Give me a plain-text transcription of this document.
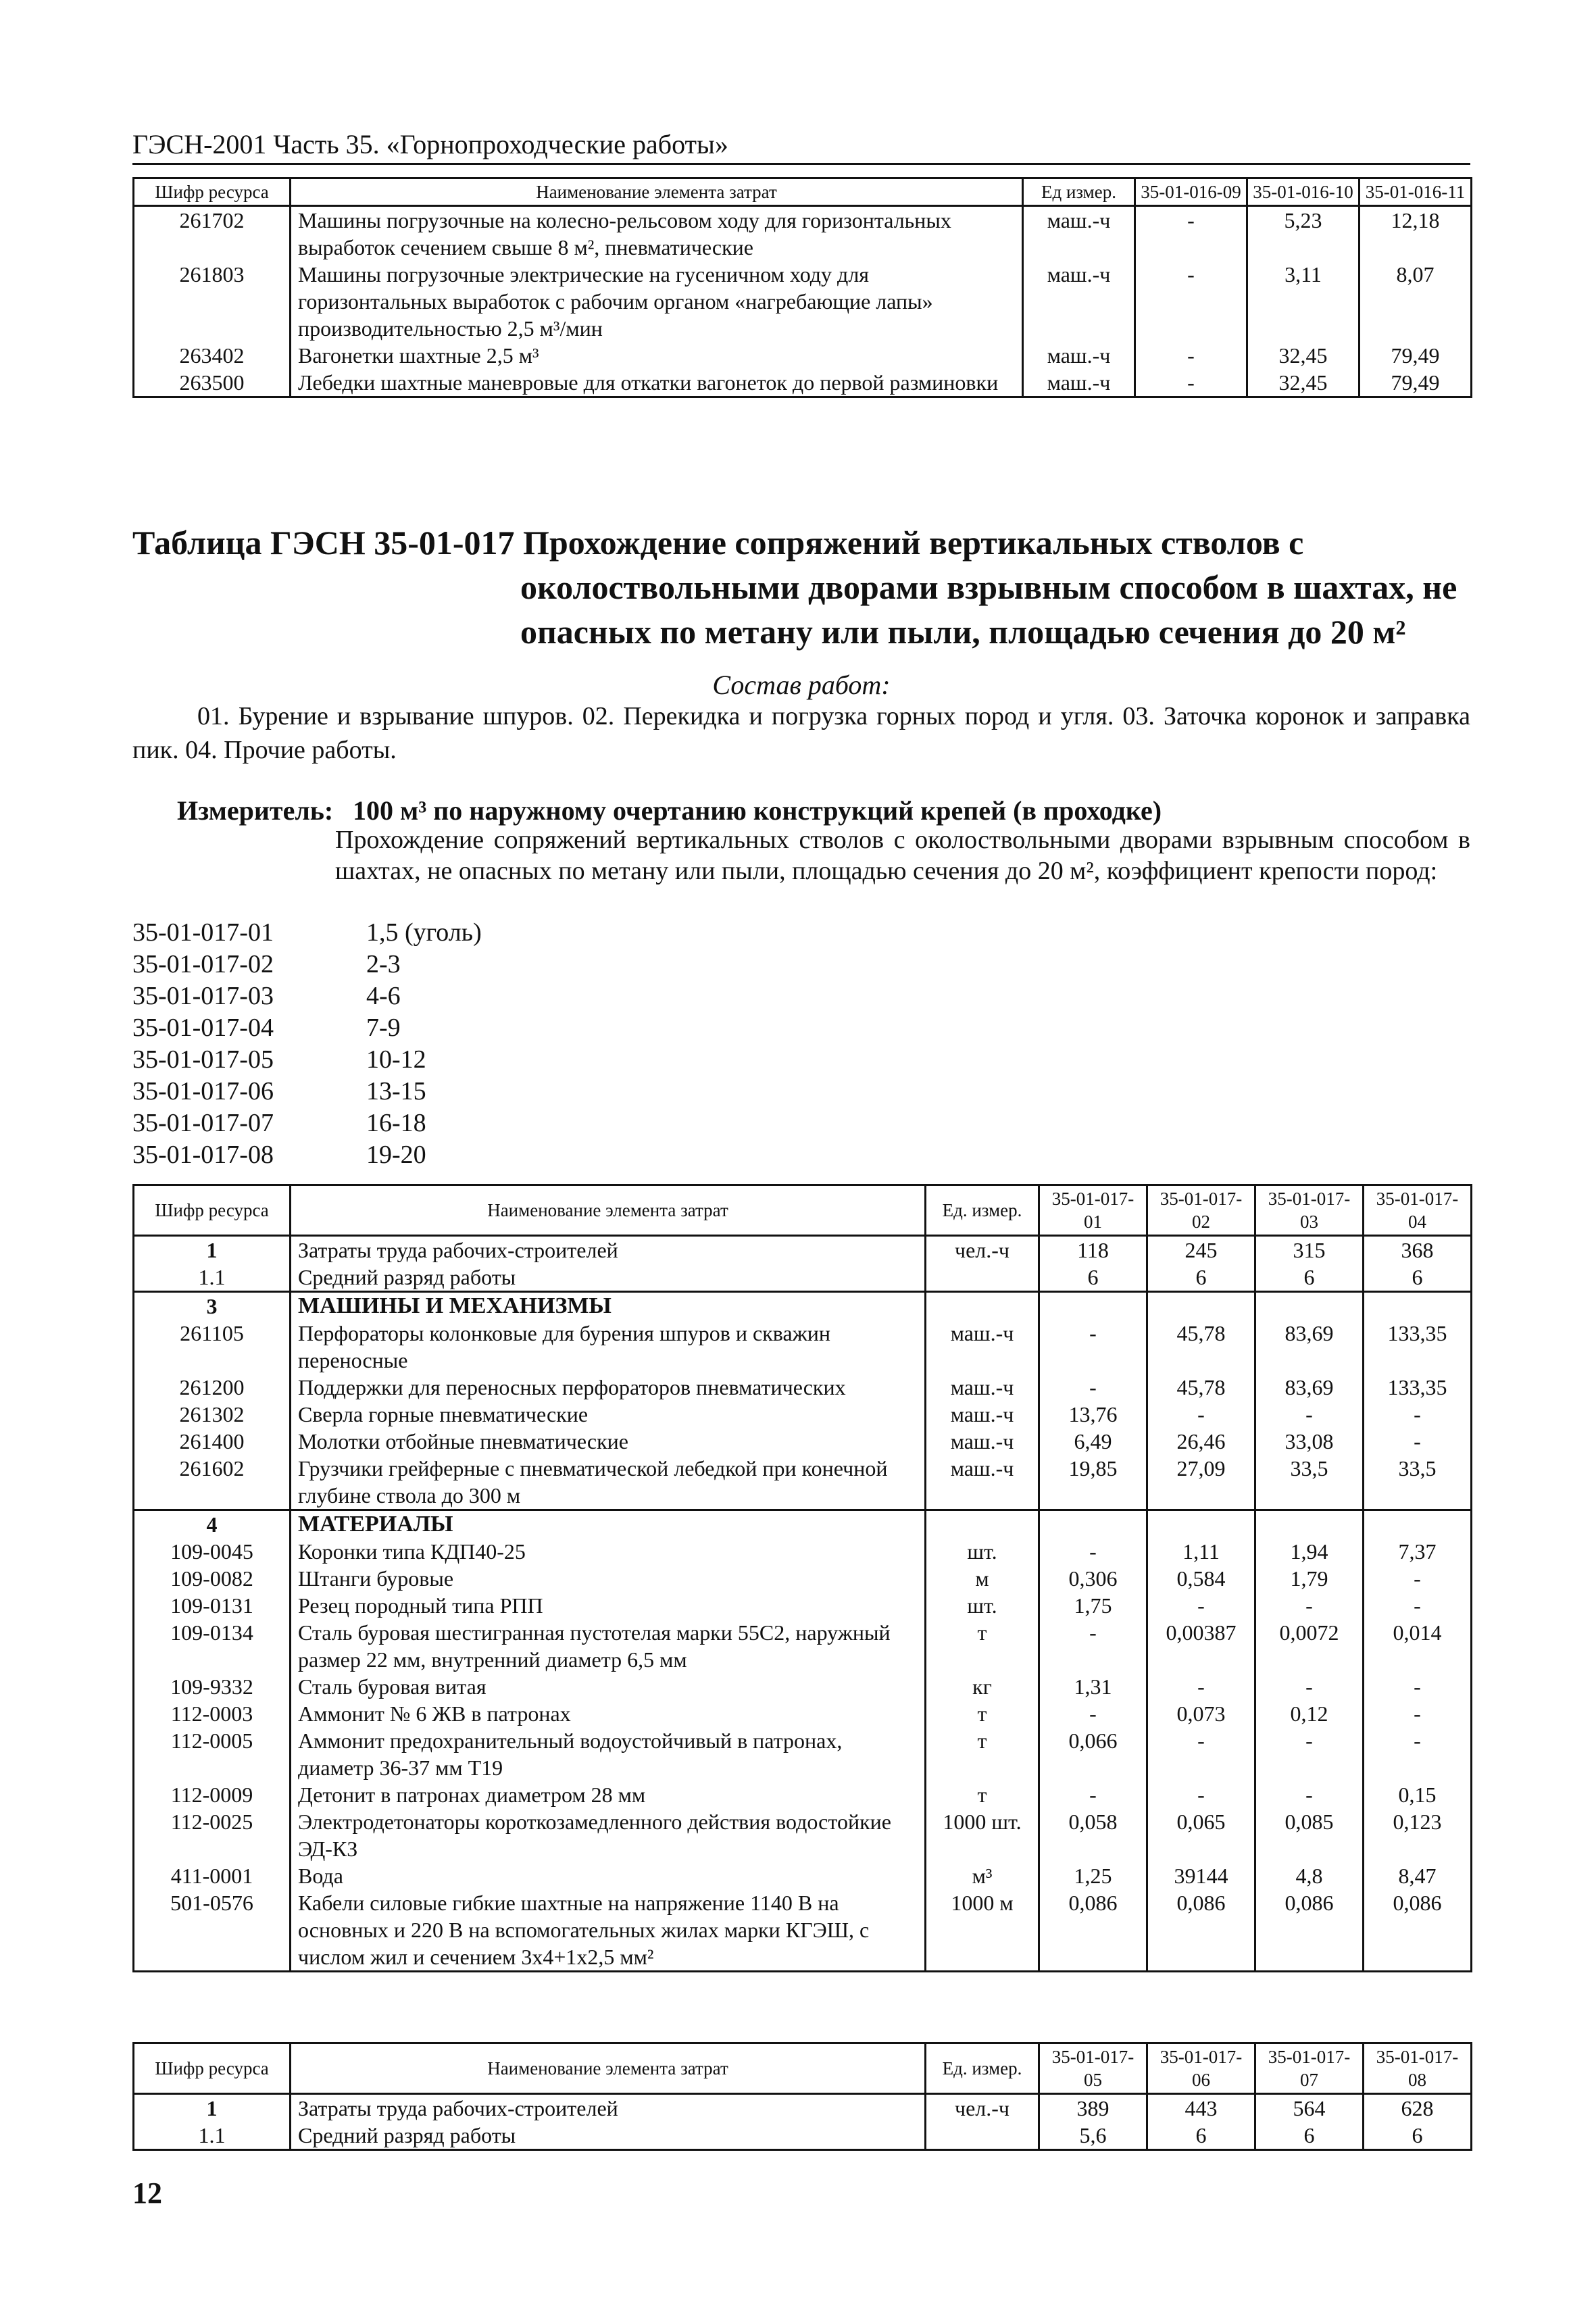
ГЭСН-2001 Часть 35. «Горнопроходческие работы»
Шифр ресурса	Наименование элемента затрат	Ед измер.	35-01-016-09	35-01-016-10	35-01-016-11
261702	Машины погрузочные на колесно-рельсовом ходу для горизонтальных выработок сечением свыше 8 м², пневматические	маш.-ч	-	5,23	12,18
261803	Машины погрузочные электрические на гусеничном ходу для горизонтальных выработок с рабочим органом «нагребающие лапы» производительностью 2,5 м³/мин	маш.-ч	-	3,11	8,07
263402	Вагонетки шахтные 2,5 м³	маш.-ч	-	32,45	79,49
263500	Лебедки шахтные маневровые для откатки вагонеток до первой разминовки	маш.-ч	-	32,45	79,49
Таблица ГЭСН 35-01-017 Прохождение сопряжений вертикальных стволов с
околоствольными дворами взрывным способом в шахтах, не
опасных по метану или пыли, площадью сечения до 20 м²
Состав работ:
01. Бурение и взрывание шпуров. 02. Перекидка и погрузка горных пород и угля. 03. Заточка коронок и заправка пик. 04. Прочие работы.
Измеритель: 100 м³ по наружному очертанию конструкций крепей (в проходке)
Прохождение сопряжений вертикальных стволов с околоствольными дворами взрывным способом в шахтах, не опасных по метану или пыли, площадью сечения до 20 м², коэффициент крепости пород:
35-01-017-01	1,5 (уголь)
35-01-017-02	2-3
35-01-017-03	4-6
35-01-017-04	7-9
35-01-017-05	10-12
35-01-017-06	13-15
35-01-017-07	16-18
35-01-017-08	19-20
Шифр ресурса	Наименование элемента затрат	Ед. измер.	35-01-017-01	35-01-017-02	35-01-017-03	35-01-017-04
1	Затраты труда рабочих-строителей	чел.-ч	118	245	315	368
1.1	Средний разряд работы		6	6	6	6
3	МАШИНЫ И МЕХАНИЗМЫ					
261105	Перфораторы колонковые для бурения шпуров и скважин переносные	маш.-ч	-	45,78	83,69	133,35
261200	Поддержки для переносных перфораторов пневматических	маш.-ч	-	45,78	83,69	133,35
261302	Сверла горные пневматические	маш.-ч	13,76	-	-	-
261400	Молотки отбойные пневматические	маш.-ч	6,49	26,46	33,08	-
261602	Грузчики грейферные с пневматической лебедкой при конечной глубине ствола до 300 м	маш.-ч	19,85	27,09	33,5	33,5
4	МАТЕРИАЛЫ					
109-0045	Коронки типа КДП40-25	шт.	-	1,11	1,94	7,37
109-0082	Штанги буровые	м	0,306	0,584	1,79	-
109-0131	Резец породный типа РПП	шт.	1,75	-	-	-
109-0134	Сталь буровая шестигранная пустотелая марки 55С2, наружный размер 22 мм, внутренний диаметр 6,5 мм	т	-	0,00387	0,0072	0,014
109-9332	Сталь буровая витая	кг	1,31	-	-	-
112-0003	Аммонит № 6 ЖВ в патронах	т	-	0,073	0,12	-
112-0005	Аммонит предохранительный водоустойчивый в патронах, диаметр 36-37 мм Т19	т	0,066	-	-	-
112-0009	Детонит в патронах диаметром 28 мм	т	-	-	-	0,15
112-0025	Электродетонаторы короткозамедленного действия водостойкие ЭД-КЗ	1000 шт.	0,058	0,065	0,085	0,123
411-0001	Вода	м³	1,25	39144	4,8	8,47
501-0576	Кабели силовые гибкие шахтные на напряжение 1140 В на основных и 220 В на вспомогательных жилах марки КГЭШ, с числом жил и сечением 3х4+1х2,5 мм²	1000 м	0,086	0,086	0,086	0,086
Шифр ресурса	Наименование элемента затрат	Ед. измер.	35-01-017-05	35-01-017-06	35-01-017-07	35-01-017-08
1	Затраты труда рабочих-строителей	чел.-ч	389	443	564	628
1.1	Средний разряд работы		5,6	6	6	6
12
